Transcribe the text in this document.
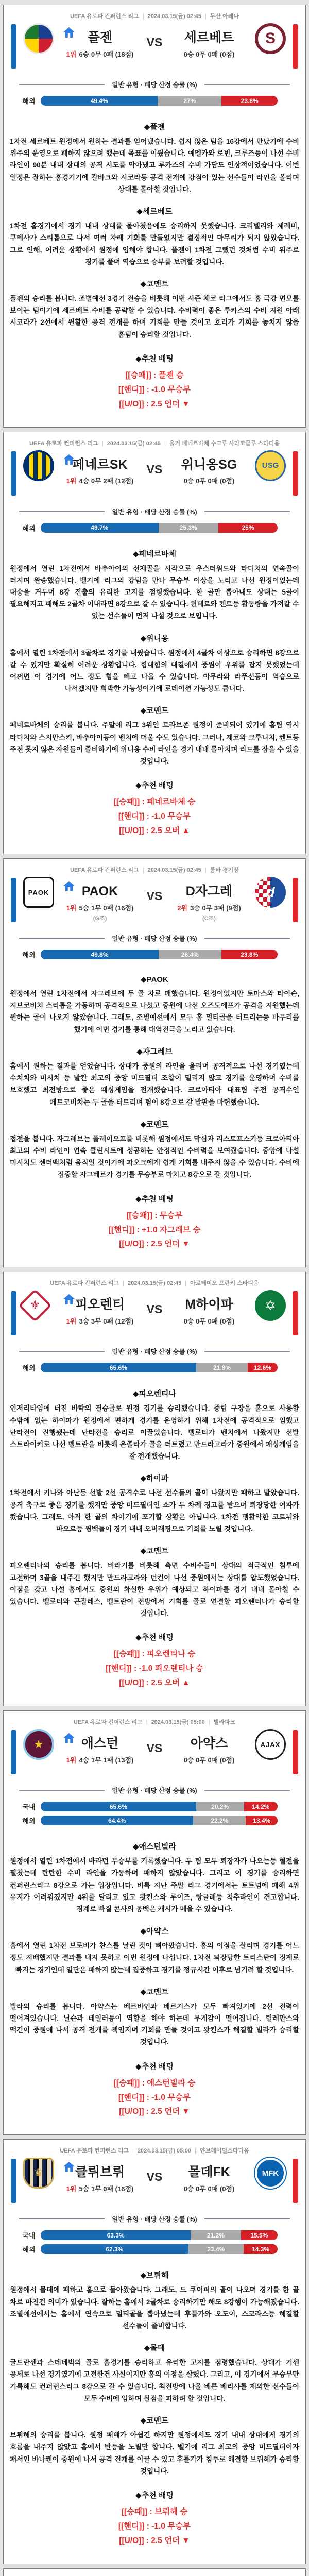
UEFA 유로파 컨퍼런스 리그 | 2024.03.15(금) 02:45 | 두산 아레나
플젠
1위 6승 0무 0패 (18점)
VS	세르베트
0승 0무 0패 (0점)
S
일반 유형 · 배당 산정 승률 (%)
해외	49.4%	27%	23.6%
◆플젠

1차전 세르베트 원정에서 원하는 결과를 얻어냈습니다. 쉽지 않은 팀을 16강에서 만났기에 수비 위주의 운영으로 패하지 않으려 했는데 목표를 이뤘습니다. 예멜카와 로빈, 크루즈등이 나선 수비 라인이 90분 내내 상대의 공격 시도를 막아냈고 루카스의 수비 가담도 인상적이었습니다. 이번 일정은 잘하는 홈경기기에 칼바크와 시코라등 공격 전개에 강점이 있는 선수들이 라인을 올리며 상대를 몰아칠 것입니다.

◆세르베트

1차전 홈경기에서 경기 내내 상대를 몰아쳤음에도 승리하지 못했습니다. 크리벨리와 제레미, 쿠테사가 스리톱으로 나서 여러 차례 기회를 만들었지만 결정적인 마무리가 되지 않았습니다. 그로 인해, 어려운 상황에서 원정에 임해야 합니다. 플젠이 1차전 그랬던 것처럼 수비 위주로 경기를 풀며 역습으로 승부를 보려할 것입니다.

◆코멘트

플젠의 승리를 봅니다. 조별예선 3경기 전승을 비롯해 이번 시즌 체코 리그에서도 홈 극강 면모를 보이는 팀이기에 세르베트 수비를 공략할 수 있습니다. 수비력이 좋은 루카스의 수비 지원 아래 시코라가 2선에서 원활한 공격 전개를 하며 기회를 만들 것이고 호리가 기회를 놓치지 않을 홈팀이 승리할 것입니다.

◆추천 배팅
[[승패]] : 플젠 승
[[핸디]] : -1.0 무승부
[[U/O]] : 2.5 언더 ▼
UEFA 유로파 컨퍼런스 리그 | 2024.03.15(금) 02:45 | 울커 페네르바체 수크루 사라코글루 스타디움
페네르SK
1위 4승 0무 2패 (12점)
VS	위니옹SG
0승 0무 0패 (0점)
USG
일반 유형 · 배당 산정 승률 (%)
해외	49.7%	25.3%	25%
◆페네르바체

원정에서 열린 1차전에서 바추아이의 선제골을 시작으로 우스터워드와 타디치의 연속골이 터지며 완승했습니다. 벨기에 리그의 강팀을 만나 무승부 이상을 노리고 나선 원정이었는데 대승을 거두며 8강 진출의 유리한 고지를 점령했습니다. 한 골만 뽑아내도 상대는 5골이 필요해지고 패해도 2골차 이내라면 8강으로 갈 수 있습니다. 윈데르와 켄트등 활동량을 가져갈 수 있는 선수들이 먼저 나설 것으로 보입니다.

◆위니옹

홈에서 열린 1차전에서 3골차로 경기를 내줬습니다. 원정에서 4골차 이상으로 승리하면 8강으로 갈 수 있지만 확실히 어려운 상황입니다. 힘대힘의 대결에서 중원이 우위를 잡지 못했었는데 어쩌면 이 경기에 어느 정도 힘을 빼고 나올 수 있습니다. 아무라와 라푸신등이 역습으로 나서겠지만 희박한 가능성이기에 로테이션 가능성도 큽니다.

◆코멘트

페네르바체의 승리를 봅니다. 주말에 리그 3위인 트라브존 원정이 준비되어 있기에 홈팀 역시 타디치와 스지만스키, 바추아이등이 벤치에 머울 수도 있습니다. 그러나, 제코와 크루니치, 켄트등 주전 못지 않은 자원들이 즐비하기에 위니옹 수비 라인을 경기 내내 몰아치며 리드를 잡을 수 있을 것입니다.

◆추천 배팅
[[승패]] : 페네르바체 승
[[핸디]] : -1.0 무승부
[[U/O]] : 2.5 오버 ▲
UEFA 유로파 컨퍼런스 리그 | 2024.03.15(금) 02:45 | 툼바 경기장
PAOK	PAOK
1위 5승 1무 0패 (16점)
(G조)
VS	D자그레
2위 3승 0무 3패 (9점)
(C조)
d
일반 유형 · 배당 산정 승률 (%)
해외	49.8%	26.4%	23.8%
◆PAOK

원정에서 열린 1차전에서 자그레브에 두 골 차로 패했습니다. 원정이었지만 토마스와 타이슨, 지브코비치 스리톱을 가동하며 공격적으로 나섰고 중원에 나선 오즈도에프가 공격을 지원했는데 원하는 골이 나오지 않았습니다. 그래도, 조별예선에서 모두 홈 멀티골을 터트리는등 마무리를 했기에 이번 경기를 통해 대역전극을 노리고 있습니다.

◆자그레브

홈에서 원하는 결과를 얻었습니다. 상대가 중원의 라인을 올리며 공격적으로 나선 경기였는데 수치치와 미시치 등 발칸 최고의 중앙 미드필더 조합이 밀리지 않고 경기를 운영하며 수비를 보호했고 최전방으로 좋은 패싱게임을 전개했습니다. 크로아티아 대표팀 주전 공격수인 페트코비치는 두 골을 터트리며 팀이 8강으로 갈 발판을 마련했습니다.

◆코멘트

접전을 봅니다. 자그레브는 플레이오프를 비롯해 원정에서도 막심과 리스토프스키등 크로아티아 최고의 수비 라인이 연속 클린시트에 성공하는 안정적인 수비력을 보여줬습니다. 중앙에 나설 미시치도 센터백처럼 움직일 것이기에 파오크에게 쉽게 기회를 내주지 않을 수 있습니다. 수비에 집중할 자그베르가 경기를 무승부로 마치고 8강으로 갈 것입니다.

◆추천 배팅
[[승패]] : 무승부
[[핸디]] : +1.0 자그레브 승
[[U/O]] : 2.5 언더 ▼
UEFA 유로파 컨퍼런스 리그 | 2024.03.15(금) 02:45 | 아르테미오 프란키 스타디움
⚜	피오렌티
1위 3승 3무 0패 (12점)
VS	M하이파
0승 0무 0패 (0점)
✡
일반 유형 · 배당 산정 승률 (%)
해외	65.6%	21.8%	12.6%
◆피오렌티나

인저리타임에 터진 바락의 결승골로 원정 경기를 승리했습니다. 중립 구장을 홈으로 사용할 수밖에 없는 하이파가 원정에서 편하게 경기를 운영하기 위해 1차전에 공격적으로 임했고 난타전이 진행됐는데 난타전을 승리로 이끌었습니다. 벨로티가 벤치에서 나왔지만 선발 스트라이커로 나선 벨트란을 비롯해 은졸라가 골을 터트렸고 만드라고라가 중원에서 패싱게임을 잘 전개했습니다.

◆하이파

1차전에서 키나와 아난등 선발 2선 공격수로 나선 선수들의 골이 나왔지만 패하고 말았습니다. 공격 축구로 좋은 경기를 했지만 중앙 미드필더인 쇼가 두 차례 경고를 받으며 퇴장당한 여파가 컸습니다. 그래도, 아직 한 골의 차이기에 포기할 상황은 아닙니다. 1차전 맹활약한 코르뉘와 마오르등 윙백들이 경기 내내 오버래핑으로 기회를 노릴 것입니다.

◆코멘트

피오렌티나의 승리를 봅니다. 비라기를 비롯해 측면 수비수들이 상대의 적극적인 침투에 고전하며 3골을 내주긴 했지만 만드라고라와 던컨이 나선 중원에서는 상대를 압도했었습니다. 이점을 갖고 나설 홈에서도 중원의 확실한 우위가 예상되고 하이파를 경기 내내 몰아칠 수 있습니다. 벨로티와 곤잘레스, 벨트란이 전방에서 기회를 골로 연결할 피오렌티나가 승리할 것입니다.

◆추천 배팅
[[승패]] : 피오렌티나 승
[[핸디]] : -1.0 피오렌티나 승
[[U/O]] : 2.5 오버 ▲
UEFA 유로파 컨퍼런스 리그 | 2024.03.15(금) 05:00 | 빌라파크
★	애스턴
1위 4승 1무 1패 (13점)
VS	아약스
0승 0무 0패 (0점)
AJAX
일반 유형 · 배당 산정 승률 (%)
국내	65.6%	20.2%	14.2%
해외	64.4%	22.2%	13.4%
◆애스턴빌라

원정에서 열린 1차전에서 바라던 무승부를 기록했습니다. 두 팀 모두 퇴장자가 나오는등 혈전을 펼쳤는데 탄탄한 수비 라인을 가동하며 패하지 않았습니다. 그리고 이 경기를 승리하면 컨퍼런스리그 8강으로 가는 입장입니다. 비록 지난 주말 리그 경기에서는 토트넘에 패해 4위 유지가 어려워졌지만 4위를 달리고 있고 왓킨스와 루이즈, 랑글레등 척추라인이 견고합니다. 징계로 빠질 콘사의 공백은 캐시가 메울 수 있습니다.

◆아약스

홈에서 열린 1차전 브로비가 찬스를 날린 것이 뼈아팠습니다. 홈의 이점을 살리며 경기를 어느 정도 지배했지만 결과를 내지 못하고 이번 원정에 나섭니다. 1차전 퇴장당한 트리스탄이 징계로 빠지는 경기인데 일단은 패하지 않는데 집중하고 경기를 정규시간 이후로 넘기려 할 것입니다.

◆코멘트

빌라의 승리를 봅니다. 아약스는 베르바인과 베르기스가 모두 빠져있기에 2선 전력이 떨어져있습니다. 닐슨과 테일러등이 역할을 해야 하는데 무게감이 떨어집니다. 틸레만스와 맥긴이 중원에 나서 공격 전개를 책임지며 기회를 만들 것이고 왓킨스가 해결할 빌라가 승리할 것입니다.

◆추천 배팅
[[승패]] : 애스턴빌라 승
[[핸디]] : -1.0 무승부
[[U/O]] : 2.5 언더 ▼
UEFA 유로파 컨퍼런스 리그 | 2024.03.15(금) 05:00 | 얀브레이덜스타디움
♛	클뤼브뤼
1위 5승 1무 0패 (16점)
VS	몰데FK
0승 0무 0패 (0점)
MFK
일반 유형 · 배당 산정 승률 (%)
국내	63.3%	21.2%	15.5%
해외	62.3%	23.4%	14.3%
◆브뤼헤

원정에서 몰데에 패하고 홈으로 돌아왔습니다. 그래도, 드 쿠이퍼의 골이 나오며 경기를 한 골 차로 마친건 의미가 있습니다. 잘하는 홈에서 2골차로 승리하기만 해도 8강행이 가능해졌습니다. 조별예선에서는 홈에서 연속으로 멀티골을 뽑아냈는데 후틀가와 오도이, 스코라스등 해결할 선수들이 즐비합니다.

◆몰데

굴드란센과 스테네빅의 골로 홈경기를 승리하고 유리한 고지를 점령했습니다. 상대가 거센 공세로 나선 경기였기에 고전한건 사실이지만 홈의 이점을 살렸다. 그리고, 이 경기에서 무승부만 기록해도 컨퍼런스리그 8강으로 갈 수 있습니다. 최전방에 나올 베튼 베리샤를 제외한 선수들이 모두 수비에 임하며 실점을 피하려 할 것입니다.

◆코멘트

브뤼헤의 승리를 봅니다. 원정 패배가 아쉽긴 하지만 원정에서도 경기 내내 상대에게 경기의 흐름을 내주지 않았고 홈에서 반등을 노릴만 합니다. 벨기에 리그 최고의 중앙 미드필더이자 패서인 바나켄이 중원에 나서 공격 전개를 이끌 수 있고 후틀가가 침투로 해결할 브뤼헤가 승리할 것입니다.

◆추천 배팅
[[승패]] : 브뤼헤 승
[[핸디]] : -1.0 무승부
[[U/O]] : 2.5 언더 ▼
